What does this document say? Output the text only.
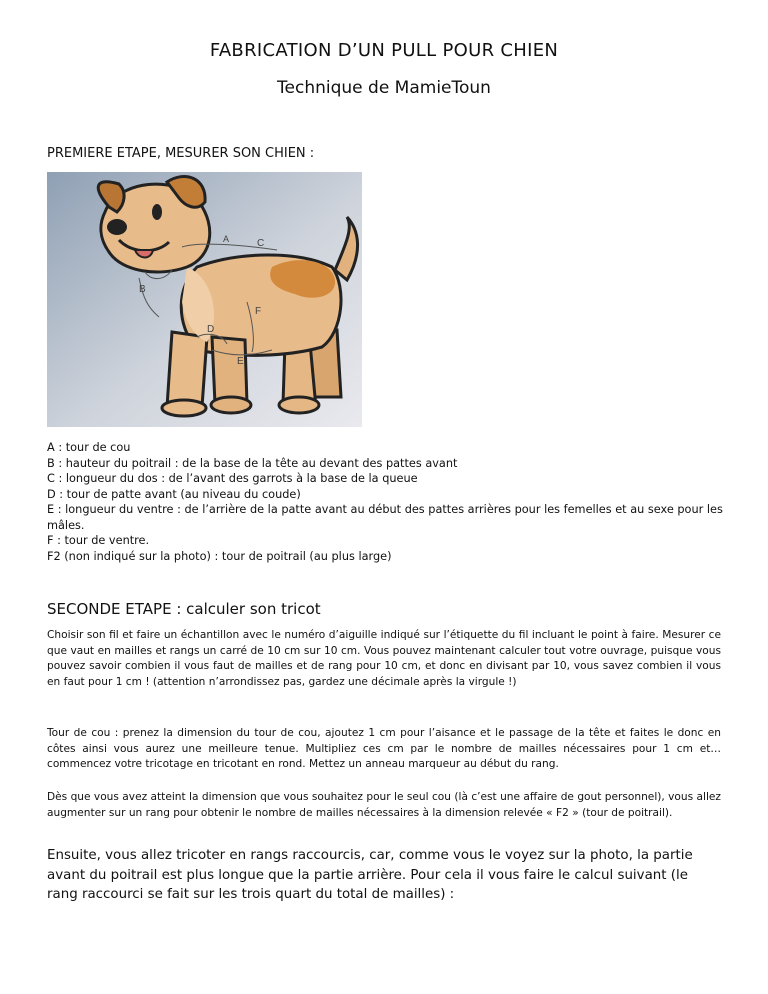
FABRICATION D’UN PULL POUR CHIEN
Technique de MamieToun
PREMIERE ETAPE, MESURER SON CHIEN :
A
B
C
D
E
F
A : tour de cou
B : hauteur du poitrail : de la base de la tête au devant des pattes avant
C : longueur du dos : de l’avant des garrots à la base de la queue
D : tour de patte avant (au niveau du coude)
E : longueur du ventre : de l’arrière de la patte avant au début des pattes arrières pour les femelles et au sexe pour les mâles.
F : tour de ventre.
F2 (non indiqué sur la photo) : tour de poitrail (au plus large)
SECONDE ETAPE : calculer son tricot

Choisir son fil et faire un échantillon avec le numéro d’aiguille indiqué sur l’étiquette du fil incluant le point à faire. Mesurer ce que vaut en mailles et rangs un carré de 10 cm sur 10 cm. Vous pouvez maintenant calculer tout votre ouvrage, puisque vous pouvez savoir combien il vous faut de mailles et de rang pour 10 cm, et donc en divisant par 10, vous savez combien il vous en faut pour 1 cm ! (attention n’arrondissez pas, gardez une décimale après la virgule !)

Tour de cou : prenez la dimension du tour de cou, ajoutez 1 cm pour l’aisance et le passage de la tête et faites le donc en côtes ainsi vous aurez une meilleure tenue. Multipliez ces cm par le nombre de mailles nécessaires pour 1 cm et… commencez votre tricotage en tricotant en rond. Mettez un anneau marqueur au début du rang.

Dès que vous avez atteint la dimension que vous souhaitez pour le seul cou (là c’est une affaire de gout personnel), vous allez augmenter sur un rang pour obtenir le nombre de mailles nécessaires à la dimension relevée « F2 » (tour de poitrail).

Ensuite, vous allez tricoter en rangs raccourcis, car, comme vous le voyez sur la photo, la partie avant du poitrail est plus longue que la partie arrière. Pour cela il vous faire le calcul suivant (le rang raccourci se fait sur les trois quart du total de mailles) :
